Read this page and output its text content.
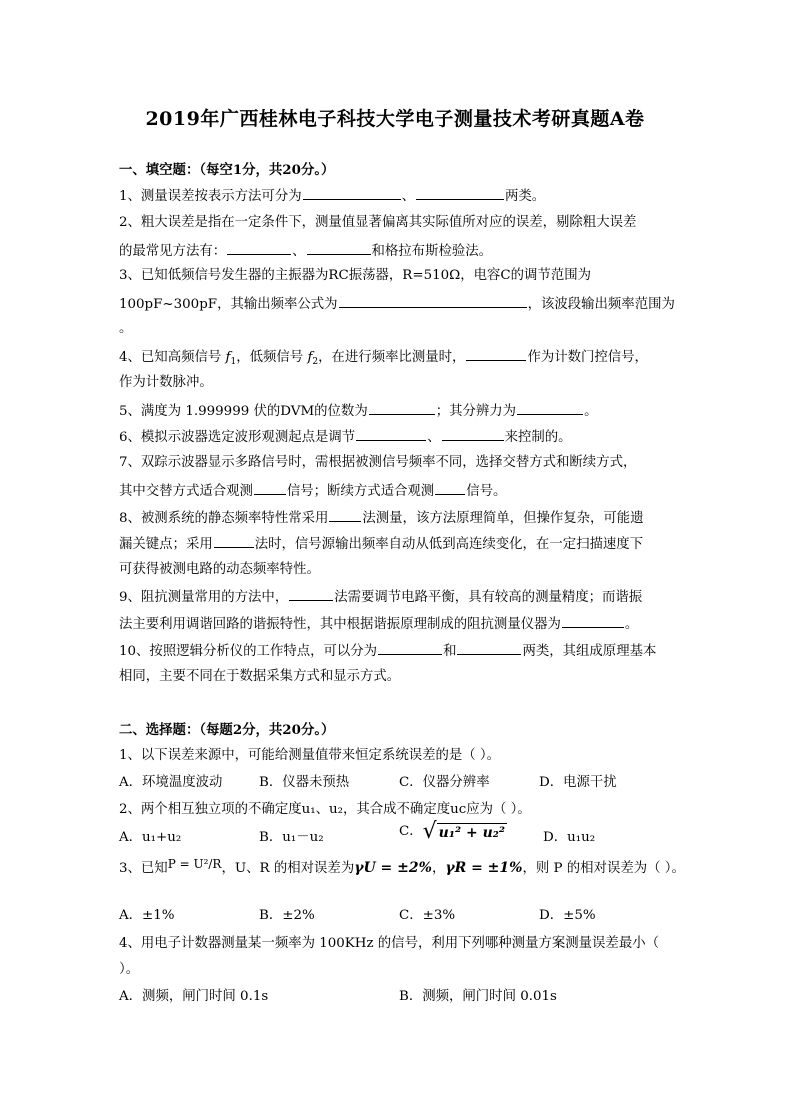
2019年广西桂林电子科技大学电子测量技术考研真题A卷
一、填空题：（每空1分，共20分。）
1、测量误差按表示方法可分为	、	两类。
2、粗大误差是指在一定条件下，测量值显著偏离其实际值所对应的误差，剔除粗大误差
的最常见方法有：	、	和格拉布斯检验法。
3、已知低频信号发生器的主振器为RC振荡器，R=510Ω，电容C的调节范围为
100pF~300pF，其输出频率公式为	，该波段输出频率范围为
。
4、已知高频信号 $f_1$，低频信号 $f_2$，在进行频率比测量时，	作为计数门控信号，
作为计数脉冲。
5、满度为 1.999999 伏的DVM的位数为	；其分辨力为	。
6、模拟示波器选定波形观测起点是调节	、	来控制的。
7、双踪示波器显示多路信号时，需根据被测信号频率不同，选择交替方式和断续方式，
其中交替方式适合观测	信号；断续方式适合观测 信号。
8、被测系统的静态频率特性常采用	法测量，该方法原理简单，但操作复杂，可能遗
漏关键点；采用	法时，信号源输出频率自动从低到高连续变化，在一定扫描速度下
可获得被测电路的动态频率特性。
9、阻抗测量常用的方法中，	法需要调节电路平衡，具有较高的测量精度；而谐振
法主要利用调谐回路的谐振特性，其中根据谐振原理制成的阻抗测量仪器为	。
10、按照逻辑分析仪的工作特点，可以分为	和	两类，其组成原理基本
相同，主要不同在于数据采集方式和显示方式。
二、选择题：（每题2分，共20分。）
1、以下误差来源中，可能给测量值带来恒定系统误差的是（ ）。
A．环境温度波动	B．仪器未预热	C．仪器分辨率	D．电源干扰
2、两个相互独立项的不确定度u₁、u₂，其合成不确定度uc应为（ ）。
A．u₁+u₂	B．u₁－u₂	C． √ u₁² + u₂²	D．u₁u₂
3、已知P = U²/R，U、R 的相对误差为γU = ±2%，γR = ±1%，则 P 的相对误差为（ ）。
A．±1%	B．±2%	C．±3%	D．±5%
4、用电子计数器测量某一频率为 100KHz 的信号，利用下列哪种测量方案测量误差最小（
）。
A．测频，闸门时间 0.1s	B．测频，闸门时间 0.01s
